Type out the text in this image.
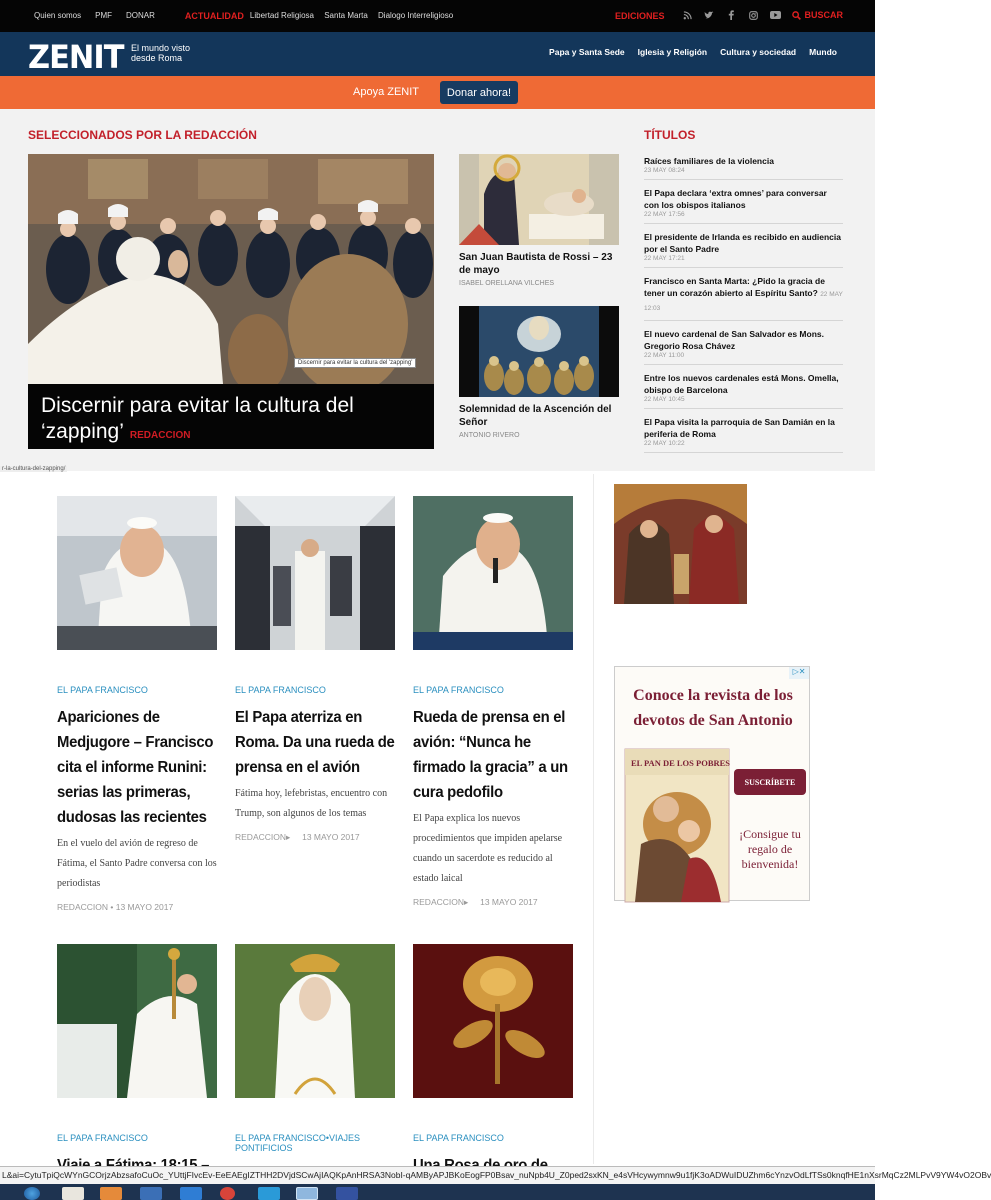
Quien somos PMF DONAR	ACTUALIDAD Libertad Religiosa Santa Marta Dialogo Interreligioso	EDICIONES	BUSCAR
ZENIT El mundo visto
desde Roma
Papa y Santa Sede Iglesia y Religión Cultura y sociedad Mundo
Apoya ZENIT	Donar ahora!
SELECCIONADOS POR LA REDACCIÓN	TÍTULOS
Discernir para evitar la cultura del 'zapping'
Discernir para evitar la cultura del ‘zapping’ REDACCION
San Juan Bautista de Rossi – 23 de mayo
ISABEL ORELLANA VILCHES
Solemnidad de la Ascención del Señor
ANTONIO RIVERO
Raíces familiares de la violencia
23 MAY 08:24
El Papa declara ‘extra omnes’ para conversar con los obispos italianos
22 MAY 17:56
El presidente de Irlanda es recibido en audiencia por el Santo Padre
22 MAY 17:21
Francisco en Santa Marta: ¿Pido la gracia de tener un corazón abierto al Espíritu Santo? 22 MAY 12:03
El nuevo cardenal de San Salvador es Mons. Gregorio Rosa Chávez
22 MAY 11:00
Entre los nuevos cardenales está Mons. Omella, obispo de Barcelona
22 MAY 10:45
El Papa visita la parroquia de San Damián en la periferia de Roma
22 MAY 10:22
r-la-cultura-del-zapping/
EL PAPA FRANCISCO
Apariciones de Medjugore – Francisco cita el informe Runini: serias las primeras, dudosas las recientes
En el vuelo del avión de regreso de Fátima, el Santo Padre conversa con los periodistas
REDACCION • 13 MAYO 2017
EL PAPA FRANCISCO
El Papa aterriza en Roma. Da una rueda de prensa en el avión
Fátima hoy, lefebristas, encuentro con Trump, son algunos de los temas
REDACCION▸ 13 MAYO 2017
EL PAPA FRANCISCO
Rueda de prensa en el avión: “Nunca he firmado la gracia” a un cura pedofilo
El Papa explica los nuevos procedimientos que impiden apelarse cuando un sacerdote es reducido al estado laical
REDACCION▸ 13 MAYO 2017
EL PAPA FRANCISCO	EL PAPA FRANCISCO•VIAJES PONTIFICIOS
EL PAPA FRANCISCO
▷✕
Conoce la revista de los devotos de San Antonio
EL PAN DE LOS POBRES
SUSCRÍBETE
¡Consigue tu regalo de bienvenida!
L&ai=CytuTpiQcWYnGCOrjzAbzsafoCuOc_YUttjFIvcEv-EeEAEgIZTHH2DVjdSCwAjIAQKpAnHRSA3NobI-qAMByAPJBKoEogFP0Bsav_nuNpb4U_Z0ped2sxKN_e4sVHcywymnw9u1fjK3oADWuIDUZhm6cYnzvOdLfTSs0knqfHE1nXsrMqCz2MLPvV9YW4vO2OBv
